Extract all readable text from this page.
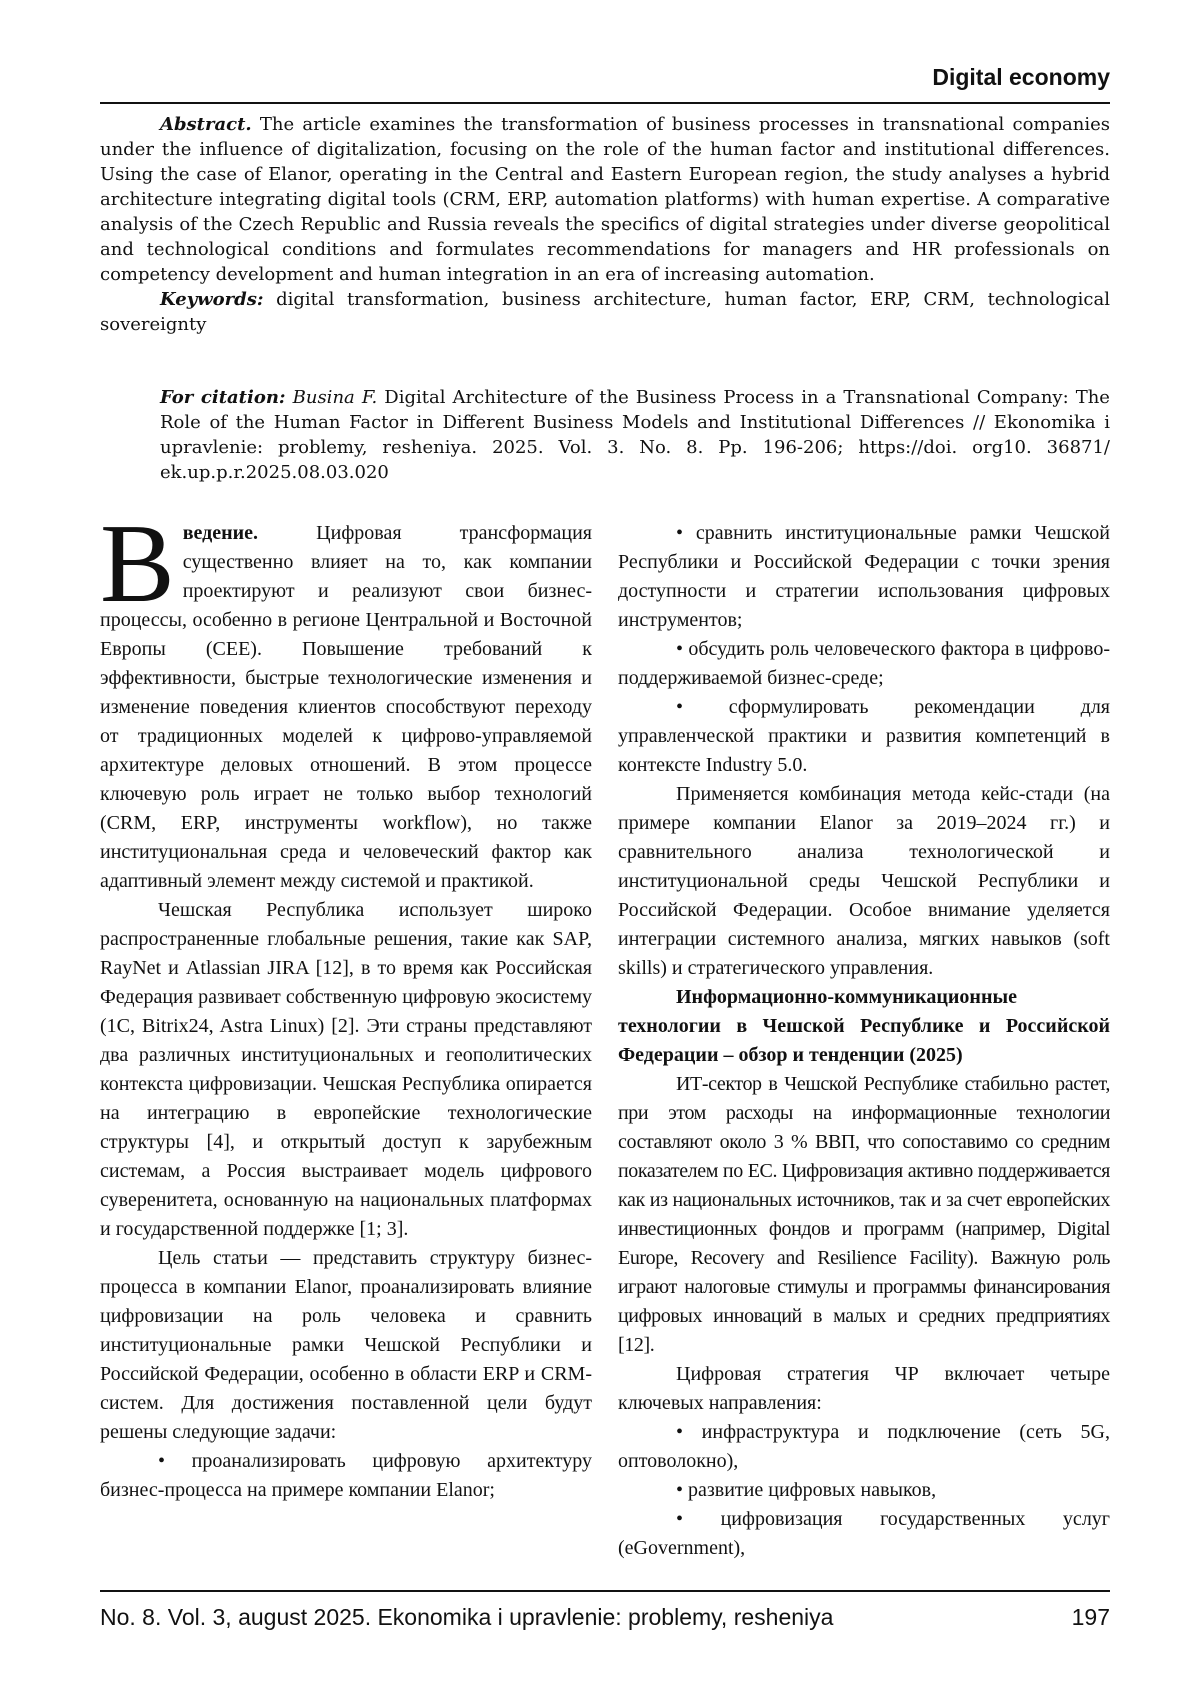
Digital economy

Abstract. The article examines the transformation of business processes in transnational companies under the influence of digitalization, focusing on the role of the human factor and institutional differences. Using the case of Elanor, operating in the Central and Eastern European region, the study analyses a hybrid architecture integrating digital tools (CRM, ERP, automation platforms) with human expertise. A comparative analysis of the Czech Republic and Russia reveals the specifics of digital strategies under diverse geopolitical and technological conditions and formulates recommendations for managers and HR professionals on competency development and human integration in an era of increasing automation.

Keywords: digital transformation, business architecture, human factor, ERP, CRM, technological sovereignty

For citation: Busina F. Digital Architecture of the Business Process in a Transnational Company: The Role of the Human Factor in Different Business Models and Institutional Differences // Ekonomika i upravlenie: problemy, resheniya. 2025. Vol. 3. No. 8. Pp. 196-206; https://doi. org10. 36871/ ek.up.p.r.2025.08.03.020

Введение.	Цифровая трансформация существенно влияет на то, как компании проектируют и реализуют свои бизнес-процессы, особенно в регионе Центральной и Восточной Европы (CEE). Повышение требований к эффективности, быстрые технологические изменения и изменение поведения клиентов способствуют переходу от традиционных моделей к цифрово-управляемой архитектуре деловых отношений. В этом процессе ключевую роль играет не только выбор технологий (CRM, ERP, инструменты workflow), но также институциональная среда и человеческий фактор как адаптивный элемент между системой и практикой.

Чешская Республика использует широко распространенные глобальные решения, такие как SAP, RayNet и Atlassian JIRA [12], в то время как Российская Федерация развивает собственную цифровую экосистему (1С, Bitrix24, Astra Linux) [2]. Эти страны представляют два различных институциональных и геополитических контекста цифровизации. Чешская Республика опирается на интеграцию в европейские технологические структуры [4], и открытый доступ к зарубежным системам, а Россия выстраивает модель цифрового суверенитета, основанную на национальных платформах и государственной поддержке [1; 3].

Цель статьи — представить структуру бизнес-процесса в компании Elanor, проанализировать влияние цифровизации на роль человека и сравнить институциональные рамки Чешской Республики и Российской Федерации, особенно в области ERP и CRM-систем. Для достижения поставленной цели будут решены следующие задачи:

• проанализировать цифровую архитектуру бизнес-процесса на примере компании Elanor;

• сравнить институциональные рамки Чешской Республики и Российской Федерации с точки зрения доступности и стратегии использования цифровых инструментов;

• обсудить роль человеческого фактора в цифрово-поддерживаемой бизнес-среде;

• сформулировать рекомендации для управленческой практики и развития компетенций в контексте Industry 5.0.

Применяется комбинация метода кейс-стади (на примере компании Elanor за 2019–2024 гг.) и сравнительного анализа технологической и институциональной среды Чешской Республики и Российской Федерации. Особое внимание уделяется интеграции системного анализа, мягких навыков (soft skills) и стратегического управления.

Информационно-коммуникационные технологии в Чешской Республике и Российской Федерации – обзор и тенденции (2025)

ИТ-сектор в Чешской Республике стабильно растет, при этом расходы на информационные технологии составляют около 3 % ВВП, что сопоставимо со средним показателем по ЕС. Цифровизация активно поддерживается как из национальных источников, так и за счет европейских инвестиционных фондов и программ (например, Digital Europe, Recovery and Resilience Facility). Важную роль играют налоговые стимулы и программы финансирования цифровых инноваций в малых и средних предприятиях [12].

Цифровая стратегия ЧР включает четыре ключевых направления:

• инфраструктура и подключение (сеть 5G, оптоволокно),

• развитие цифровых навыков,

• цифровизация государственных услуг (eGovernment),

No. 8. Vol. 3, august 2025. Ekonomika i upravlenie: problemy, resheniya	197
